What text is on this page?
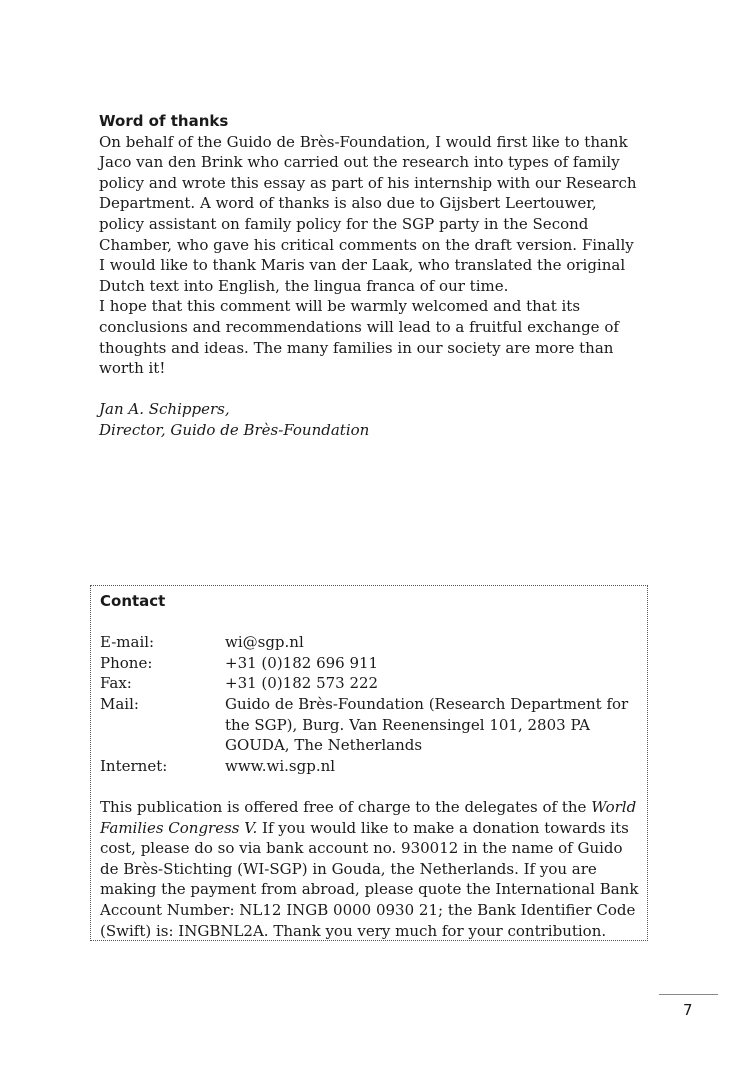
Word of thanks

On behalf of the Guido de Brès-Foundation, I would first like to thank Jaco van den Brink who carried out the research into types of family policy and wrote this essay as part of his internship with our Research Department. A word of thanks is also due to Gijsbert Leertouwer, policy assistant on family policy for the SGP party in the Second Chamber, who gave his critical comments on the draft version. Finally I would like to thank Maris van der Laak, who translated the original Dutch text into English, the lingua franca of our time.

I hope that this comment will be warmly welcomed and that its conclusions and recommendations will lead to a fruitful exchange of thoughts and ideas. The many families in our society are more than worth it!

Jan A. Schippers,
Director, Guido de Brès-Foundation
Contact
E-mail:	wi@sgp.nl
Phone:	+31 (0)182 696 911
Fax:	+31 (0)182 573 222
Mail:	Guido de Brès-Foundation (Research Department for the SGP), Burg. Van Reenensingel 101, 2803 PA GOUDA, The Netherlands
Internet:	www.wi.sgp.nl

This publication is offered free of charge to the delegates of the World Families Congress V. If you would like to make a donation towards its cost, please do so via bank account no. 930012 in the name of Guido de Brès-Stichting (WI-SGP) in Gouda, the Netherlands. If you are making the payment from abroad, please quote the International Bank Account Number: NL12 INGB 0000 0930 21; the Bank Identifier Code (Swift) is: INGBNL2A. Thank you very much for your contribution.

7
